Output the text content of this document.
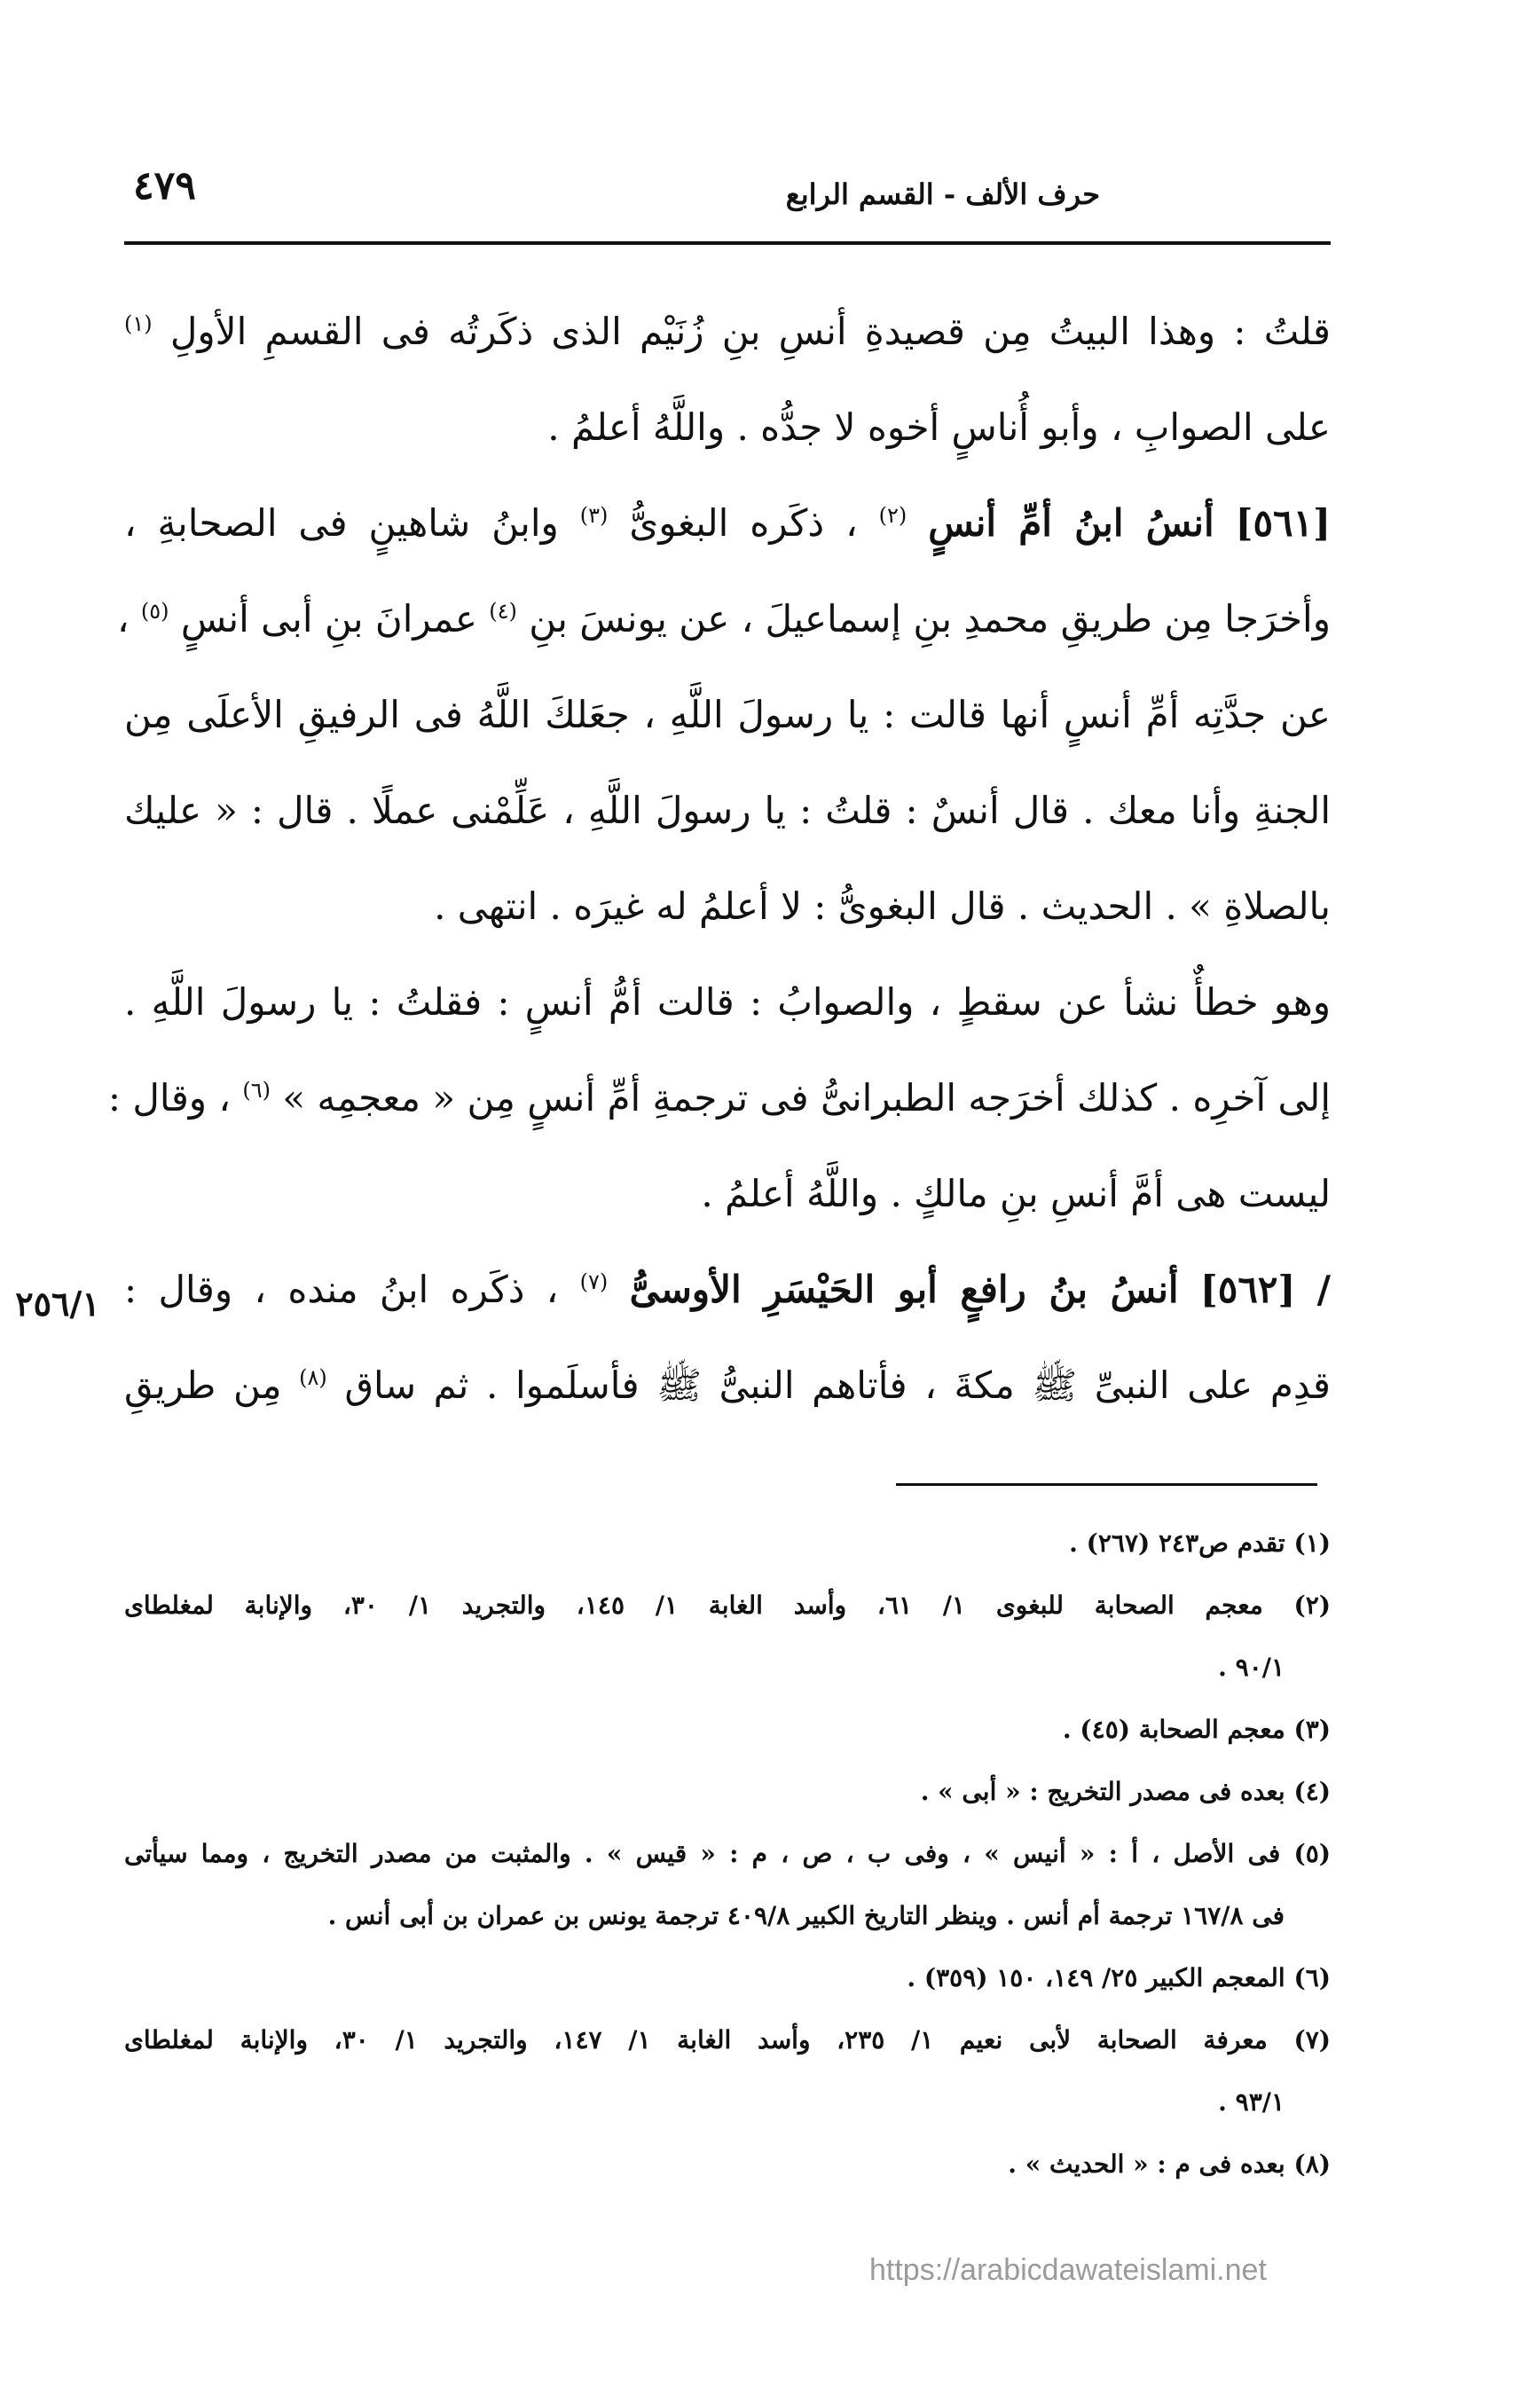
حرف الألف - القسم الرابع
٤٧٩
٢٥٦/١
قلتُ : وهذا البيتُ مِن قصيدةِ أنسِ بنِ زُنَيْم الذى ذكَرتُه فى القسمِ الأولِ $^{(١)}$
على الصوابِ ، وأبو أُناسٍ أخوه لا جدُّه . واللَّهُ أعلمُ .
[٥٦١] أنسُ ابنُ أمِّ أنسٍ $^{(٢)}$ ، ذكَره البغوىُّ $^{(٣)}$ وابنُ شاهينٍ فى الصحابةِ ،
وأخرَجا مِن طريقِ محمدِ بنِ إسماعيلَ ، عن يونسَ بنِ $^{(٤)}$ عمرانَ بنِ أبى أنسٍ $^{(٥)}$ ،
عن جدَّتِه أمِّ أنسٍ أنها قالت : يا رسولَ اللَّهِ ، جعَلكَ اللَّهُ فى الرفيقِ الأعلَى مِن
الجنةِ وأنا معك . قال أنسٌ : قلتُ : يا رسولَ اللَّهِ ، عَلِّمْنى عملًا . قال : « عليك
بالصلاةِ » . الحديث . قال البغوىُّ : لا أعلمُ له غيرَه . انتهى .
وهو خطأٌ نشأ عن سقطٍ ، والصوابُ : قالت أمُّ أنسٍ : فقلتُ : يا رسولَ اللَّهِ .
إلى آخرِه . كذلك أخرَجه الطبرانىُّ فى ترجمةِ أمِّ أنسٍ مِن « معجمِه » $^{(٦)}$ ، وقال :
ليست هى أمَّ أنسِ بنِ مالكٍ . واللَّهُ أعلمُ .
/ [٥٦٢] أنسُ بنُ رافعٍ أبو الحَيْسَرِ الأوسىُّ $^{(٧)}$ ، ذكَره ابنُ منده ، وقال :
قدِم على النبىِّ ﷺ مكةَ ، فأتاهم النبىُّ ﷺ فأسلَموا . ثم ساق $^{(٨)}$ مِن طريقِ
(١) تقدم ص٢٤٣ (٢٦٧) .
(٢) معجم الصحابة للبغوى ١/ ٦١، وأسد الغابة ١/ ١٤٥، والتجريد ١/ ٣٠، والإنابة لمغلطاى
٩٠/١ .
(٣) معجم الصحابة (٤٥) .
(٤) بعده فى مصدر التخريج : « أبى » .
(٥) فى الأصل ، أ : « أنيس » ، وفى ب ، ص ، م : « قيس » . والمثبت من مصدر التخريج ، ومما سيأتى
فى ١٦٧/٨ ترجمة أم أنس . وينظر التاريخ الكبير ٤٠٩/٨ ترجمة يونس بن عمران بن أبى أنس .
(٦) المعجم الكبير ٢٥/ ١٤٩، ١٥٠ (٣٥٩) .
(٧) معرفة الصحابة لأبى نعيم ١/ ٢٣٥، وأسد الغابة ١/ ١٤٧، والتجريد ١/ ٣٠، والإنابة لمغلطاى
٩٣/١ .
(٨) بعده فى م : « الحديث » .
https://arabicdawateislami.net
